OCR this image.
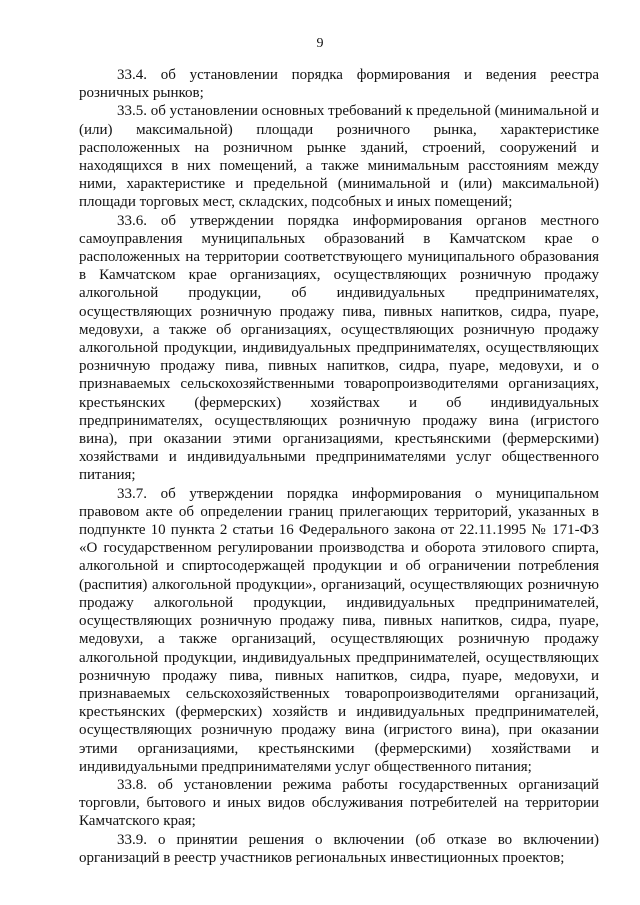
9

33.4. об установлении порядка формирования и ведения реестра розничных рынков;

33.5. об установлении основных требований к предельной (минимальной и (или) максимальной) площади розничного рынка, характеристике расположенных на розничном рынке зданий, строений, сооружений и находящихся в них помещений, а также минимальным расстояниям между ними, характеристике и предельной (минимальной и (или) максимальной) площади торговых мест, складских, подсобных и иных помещений;

33.6. об утверждении порядка информирования органов местного самоуправления муниципальных образований в Камчатском крае о расположенных на территории соответствующего муниципального образования в Камчатском крае организациях, осуществляющих розничную продажу алкогольной продукции, об индивидуальных предпринимателях, осуществляющих розничную продажу пива, пивных напитков, сидра, пуаре, медовухи, а также об организациях, осуществляющих розничную продажу алкогольной продукции, индивидуальных предпринимателях, осуществляющих розничную продажу пива, пивных напитков, сидра, пуаре, медовухи, и о признаваемых сельскохозяйственными товаропроизводителями организациях, крестьянских (фермерских) хозяйствах и об индивидуальных предпринимателях, осуществляющих розничную продажу вина (игристого вина), при оказании этими организациями, крестьянскими (фермерскими) хозяйствами и индивидуальными предпринимателями услуг общественного питания;

33.7. об утверждении порядка информирования о муниципальном правовом акте об определении границ прилегающих территорий, указанных в подпункте 10 пункта 2 статьи 16 Федерального закона от 22.11.1995 № 171-ФЗ «О государственном регулировании производства и оборота этилового спирта, алкогольной и спиртосодержащей продукции и об ограничении потребления (распития) алкогольной продукции», организаций, осуществляющих розничную продажу алкогольной продукции, индивидуальных предпринимателей, осуществляющих розничную продажу пива, пивных напитков, сидра, пуаре, медовухи, а также организаций, осуществляющих розничную продажу алкогольной продукции, индивидуальных предпринимателей, осуществляющих розничную продажу пива, пивных напитков, сидра, пуаре, медовухи, и признаваемых сельскохозяйственных товаропроизводителями организаций, крестьянских (фермерских) хозяйств и индивидуальных предпринимателей, осуществляющих розничную продажу вина (игристого вина), при оказании этими организациями, крестьянскими (фермерскими) хозяйствами и индивидуальными предпринимателями услуг общественного питания;

33.8. об установлении режима работы государственных организаций торговли, бытового и иных видов обслуживания потребителей на территории Камчатского края;

33.9. о принятии решения о включении (об отказе во включении) организаций в реестр участников региональных инвестиционных проектов;
